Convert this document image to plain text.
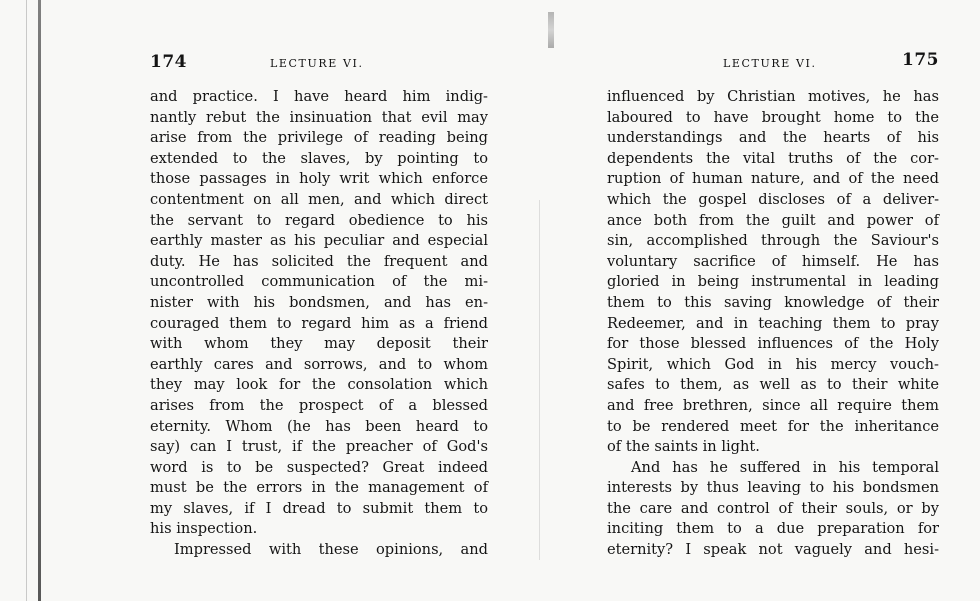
174	LECTURE VI.
and practice. I have heard him indig-
nantly rebut the insinuation that evil may
arise from the privilege of reading being
extended to the slaves, by pointing to
those passages in holy writ which enforce
contentment on all men, and which direct
the servant to regard obedience to his
earthly master as his peculiar and especial
duty. He has solicited the frequent and
uncontrolled communication of the mi-
nister with his bondsmen, and has en-
couraged them to regard him as a friend
with whom they may deposit their
earthly cares and sorrows, and to whom
they may look for the consolation which
arises from the prospect of a blessed
eternity. Whom (he has been heard to
say) can I trust, if the preacher of God's
word is to be suspected? Great indeed
must be the errors in the management of
my slaves, if I dread to submit them to
his inspection.
Impressed with these opinions, and
LECTURE VI.	175
influenced by Christian motives, he has
laboured to have brought home to the
understandings and the hearts of his
dependents the vital truths of the cor-
ruption of human nature, and of the need
which the gospel discloses of a deliver-
ance both from the guilt and power of
sin, accomplished through the Saviour's
voluntary sacrifice of himself. He has
gloried in being instrumental in leading
them to this saving knowledge of their
Redeemer, and in teaching them to pray
for those blessed influences of the Holy
Spirit, which God in his mercy vouch-
safes to them, as well as to their white
and free brethren, since all require them
to be rendered meet for the inheritance
of the saints in light.
And has he suffered in his temporal
interests by thus leaving to his bondsmen
the care and control of their souls, or by
inciting them to a due preparation for
eternity? I speak not vaguely and hesi-
